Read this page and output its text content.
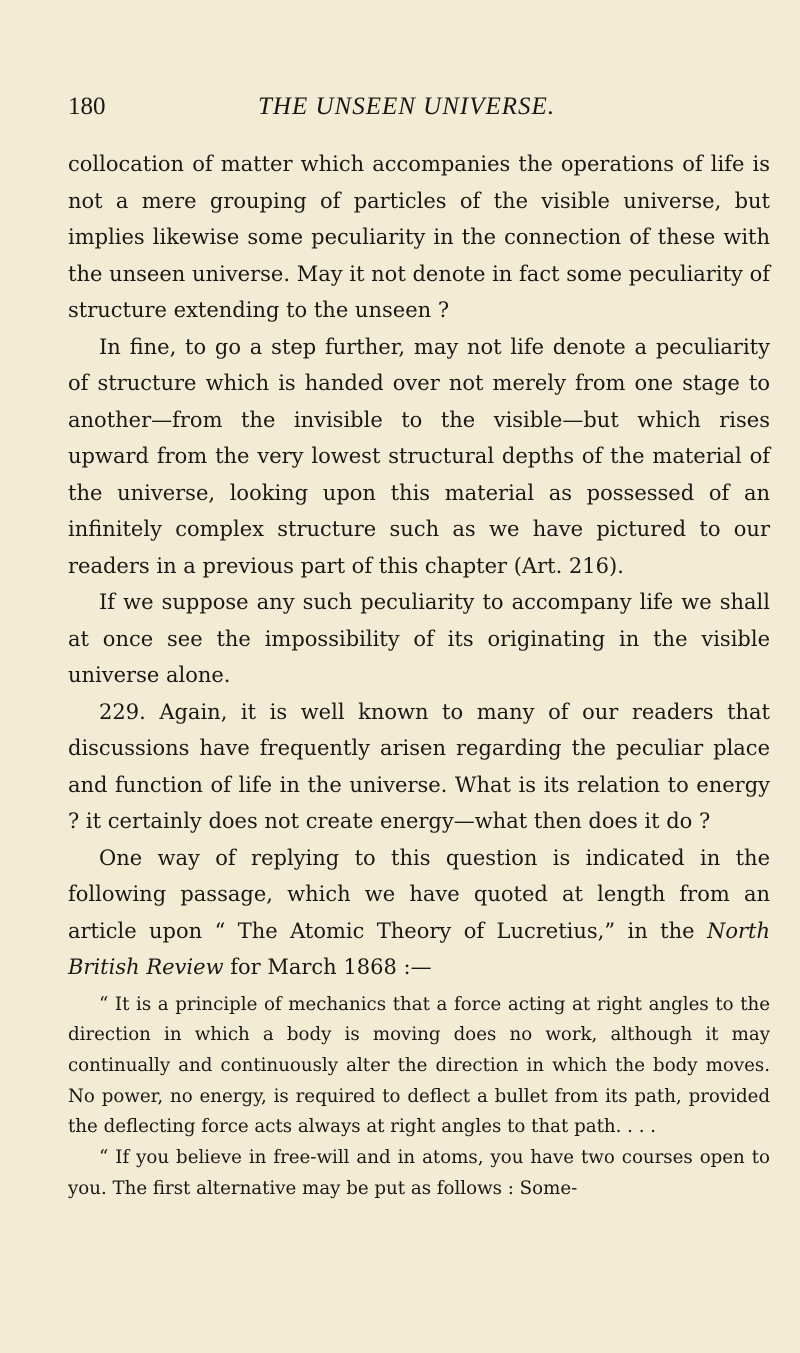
180	THE UNSEEN UNIVERSE.

collocation of matter which accompanies the operations of life is not a mere grouping of particles of the visible universe, but implies likewise some peculiarity in the connection of these with the unseen universe. May it not denote in fact some peculiarity of structure extending to the unseen ?

In fine, to go a step further, may not life denote a peculiarity of structure which is handed over not merely from one stage to another—from the invisible to the visible—but which rises upward from the very lowest structural depths of the material of the universe, looking upon this material as possessed of an infinitely complex structure such as we have pictured to our readers in a previous part of this chapter (Art. 216).

If we suppose any such peculiarity to accompany life we shall at once see the impossibility of its originating in the visible universe alone.

229. Again, it is well known to many of our readers that discussions have frequently arisen regarding the peculiar place and function of life in the universe. What is its relation to energy ? it certainly does not create energy—what then does it do ?

One way of replying to this question is indicated in the following passage, which we have quoted at length from an article upon “ The Atomic Theory of Lucretius,” in the North British Review for March 1868 :—

“ It is a principle of mechanics that a force acting at right angles to the direction in which a body is moving does no work, although it may continually and continuously alter the direction in which the body moves. No power, no energy, is required to deflect a bullet from its path, provided the deflecting force acts always at right angles to that path. . . .

“ If you believe in free-will and in atoms, you have two courses open to you. The first alternative may be put as follows : Some-
